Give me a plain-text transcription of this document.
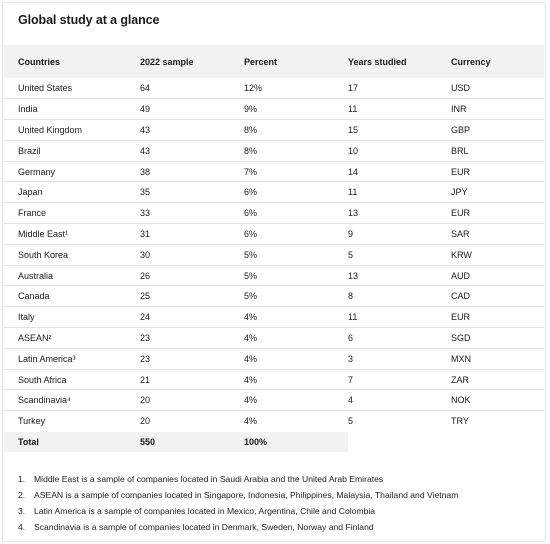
Global study at a glance
Countries	2022 sample	Percent	Years studied	Currency
United States	64	12%	17	USD
India	49	9%	11	INR
United Kingdom	43	8%	15	GBP
Brazil	43	8%	10	BRL
Germany	38	7%	14	EUR
Japan	35	6%	11	JPY
France	33	6%	13	EUR
Middle East¹	31	6%	9	SAR
South Korea	30	5%	5	KRW
Australia	26	5%	13	AUD
Canada	25	5%	8	CAD
Italy	24	4%	11	EUR
ASEAN²	23	4%	6	SGD
Latin America³	23	4%	3	MXN
South Africa	21	4%	7	ZAR
Scandinavia⁴	20	4%	4	NOK
Turkey	20	4%	5	TRY
Total	550	100%		
1. Middle East is a sample of companies located in Saudi Arabia and the United Arab Emirates
2. ASEAN is a sample of companies located in Singapore, Indonesia, Philippines, Malaysia, Thailand and Vietnam
3. Latin America is a sample of companies located in Mexico, Argentina, Chile and Colombia
4. Scandinavia is a sample of companies located in Denmark, Sweden, Norway and Finland
